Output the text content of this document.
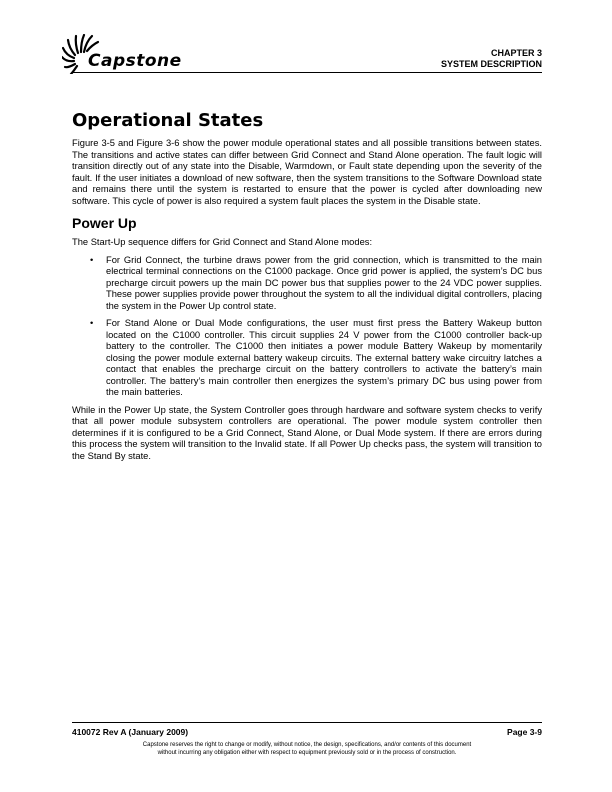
Capstone	CHAPTER 3
SYSTEM DESCRIPTION
Operational States

Figure 3-5 and Figure 3-6 show the power module operational states and all possible transitions between states. The transitions and active states can differ between Grid Connect and Stand Alone operation. The fault logic will transition directly out of any state into the Disable, Warmdown, or Fault state depending upon the severity of the fault. If the user initiates a download of new software, then the system transitions to the Software Download state and remains there until the system is restarted to ensure that the power is cycled after downloading new software. This cycle of power is also required a system fault places the system in the Disable state.

Power Up

The Start-Up sequence differs for Grid Connect and Stand Alone modes:

• For Grid Connect, the turbine draws power from the grid connection, which is transmitted to the main electrical terminal connections on the C1000 package. Once grid power is applied, the system’s DC bus precharge circuit powers up the main DC power bus that supplies power to the 24 VDC power supplies. These power supplies provide power throughout the system to all the individual digital controllers, placing the system in the Power Up control state.
• For Stand Alone or Dual Mode configurations, the user must first press the Battery Wakeup button located on the C1000 controller. This circuit supplies 24 V power from the C1000 controller back-up battery to the controller. The C1000 then initiates a power module Battery Wakeup by momentarily closing the power module external battery wakeup circuits. The external battery wake circuitry latches a contact that enables the precharge circuit on the battery controllers to activate the battery’s main controller. The battery’s main controller then energizes the system’s primary DC bus using power from the main batteries.

While in the Power Up state, the System Controller goes through hardware and software system checks to verify that all power module subsystem controllers are operational. The power module system controller then determines if it is configured to be a Grid Connect, Stand Alone, or Dual Mode system. If there are errors during this process the system will transition to the Invalid state. If all Power Up checks pass, the system will transition to the Stand By state.

410072 Rev A (January 2009)	Page 3-9
Capstone reserves the right to change or modify, without notice, the design, specifications, and/or contents of this document
without incurring any obligation either with respect to equipment previously sold or in the process of construction.
